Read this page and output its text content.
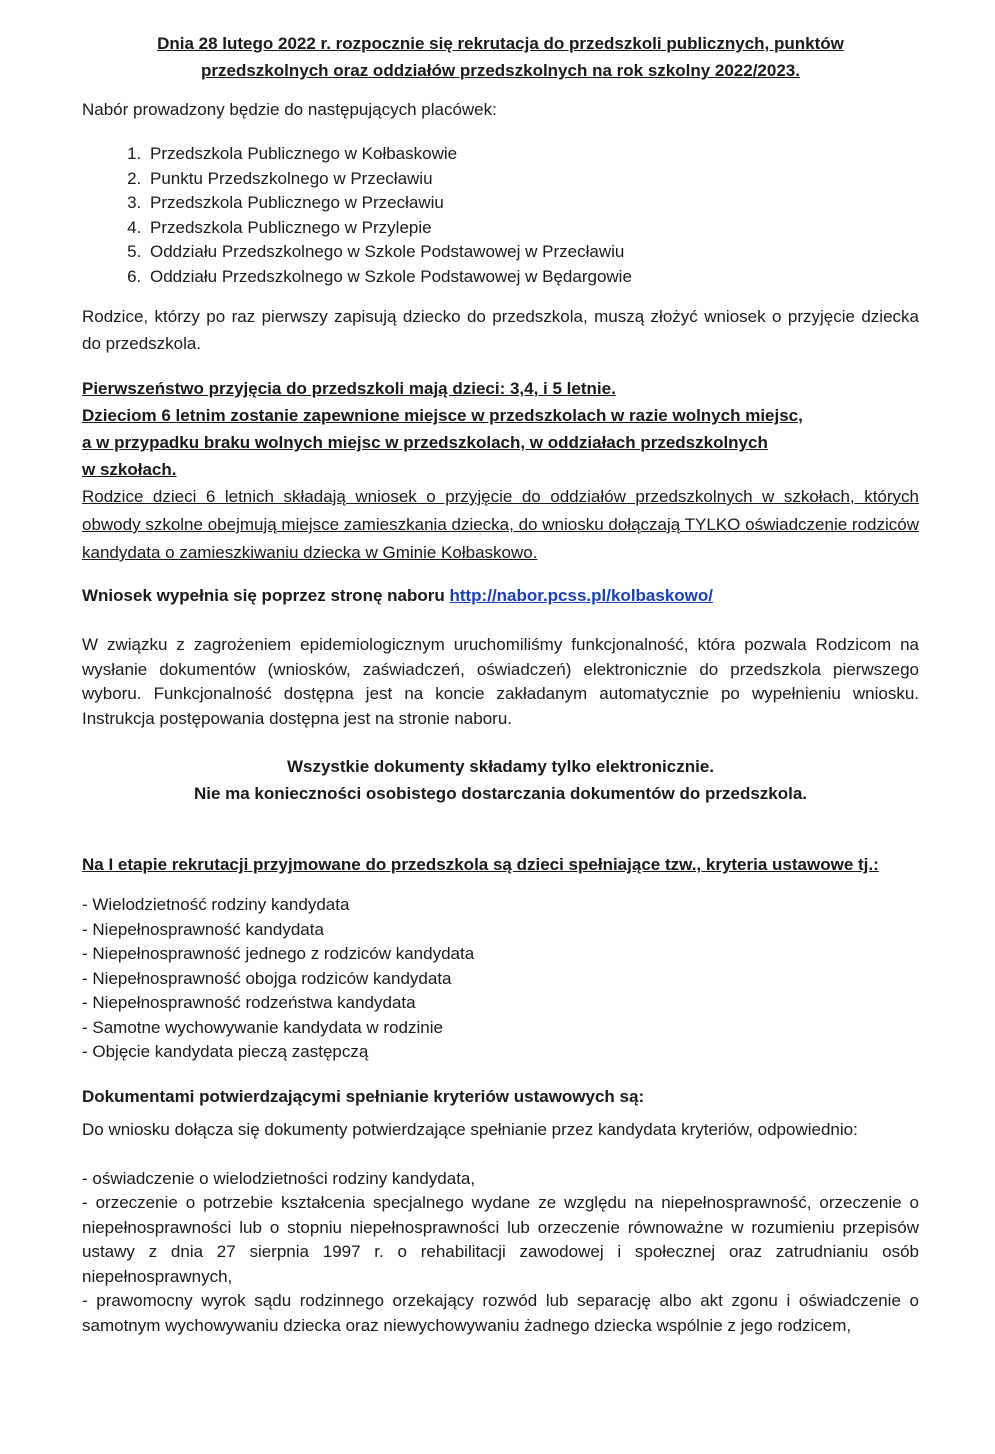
Dnia 28 lutego 2022 r. rozpocznie się rekrutacja do przedszkoli publicznych, punktów
przedszkolnych oraz oddziałów przedszkolnych na rok szkolny 2022/2023.

Nabór prowadzony będzie do następujących placówek:

1. Przedszkola Publicznego w Kołbaskowie
2. Punktu Przedszkolnego w Przecławiu
3. Przedszkola Publicznego w Przecławiu
4. Przedszkola Publicznego w Przylepie
5. Oddziału Przedszkolnego w Szkole Podstawowej w Przecławiu
6. Oddziału Przedszkolnego w Szkole Podstawowej w Będargowie

Rodzice, którzy po raz pierwszy zapisują dziecko do przedszkola, muszą złożyć wniosek o przyjęcie dziecka do przedszkola.

Pierwszeństwo przyjęcia do przedszkoli mają dzieci: 3,4, i 5 letnie.
Dzieciom 6 letnim zostanie zapewnione miejsce w przedszkolach w razie wolnych miejsc,
a w przypadku braku wolnych miejsc w przedszkolach, w oddziałach przedszkolnych
w szkołach.

Rodzice dzieci 6 letnich składają wniosek o przyjęcie do oddziałów przedszkolnych w szkołach, których obwody szkolne obejmują miejsce zamieszkania dziecka, do wniosku dołączają TYLKO oświadczenie rodziców kandydata o zamieszkiwaniu dziecka w Gminie Kołbaskowo.

Wniosek wypełnia się poprzez stronę naboru http://nabor.pcss.pl/kolbaskowo/

W związku z zagrożeniem epidemiologicznym uruchomiliśmy funkcjonalność, która pozwala Rodzicom na wysłanie dokumentów (wniosków, zaświadczeń, oświadczeń) elektronicznie do przedszkola pierwszego wyboru. Funkcjonalność dostępna jest na koncie zakładanym automatycznie po wypełnieniu wniosku. Instrukcja postępowania dostępna jest na stronie naboru.

Wszystkie dokumenty składamy tylko elektronicznie.
Nie ma konieczności osobistego dostarczania dokumentów do przedszkola.

Na I etapie rekrutacji przyjmowane do przedszkola są dzieci spełniające tzw., kryteria ustawowe tj.:

- Wielodzietność rodziny kandydata
- Niepełnosprawność kandydata
- Niepełnosprawność jednego z rodziców kandydata
- Niepełnosprawność obojga rodziców kandydata
- Niepełnosprawność rodzeństwa kandydata
- Samotne wychowywanie kandydata w rodzinie
- Objęcie kandydata pieczą zastępczą

Dokumentami potwierdzającymi spełnianie kryteriów ustawowych są:

Do wniosku dołącza się dokumenty potwierdzające spełnianie przez kandydata kryteriów, odpowiednio:

- oświadczenie o wielodzietności rodziny kandydata,

- orzeczenie o potrzebie kształcenia specjalnego wydane ze względu na niepełnosprawność, orzeczenie o niepełnosprawności lub o stopniu niepełnosprawności lub orzeczenie równoważne w rozumieniu przepisów ustawy z dnia 27 sierpnia 1997 r. o rehabilitacji zawodowej i społecznej oraz zatrudnianiu osób niepełnosprawnych,

- prawomocny wyrok sądu rodzinnego orzekający rozwód lub separację albo akt zgonu i oświadczenie o samotnym wychowywaniu dziecka oraz niewychowywaniu żadnego dziecka wspólnie z jego rodzicem,
